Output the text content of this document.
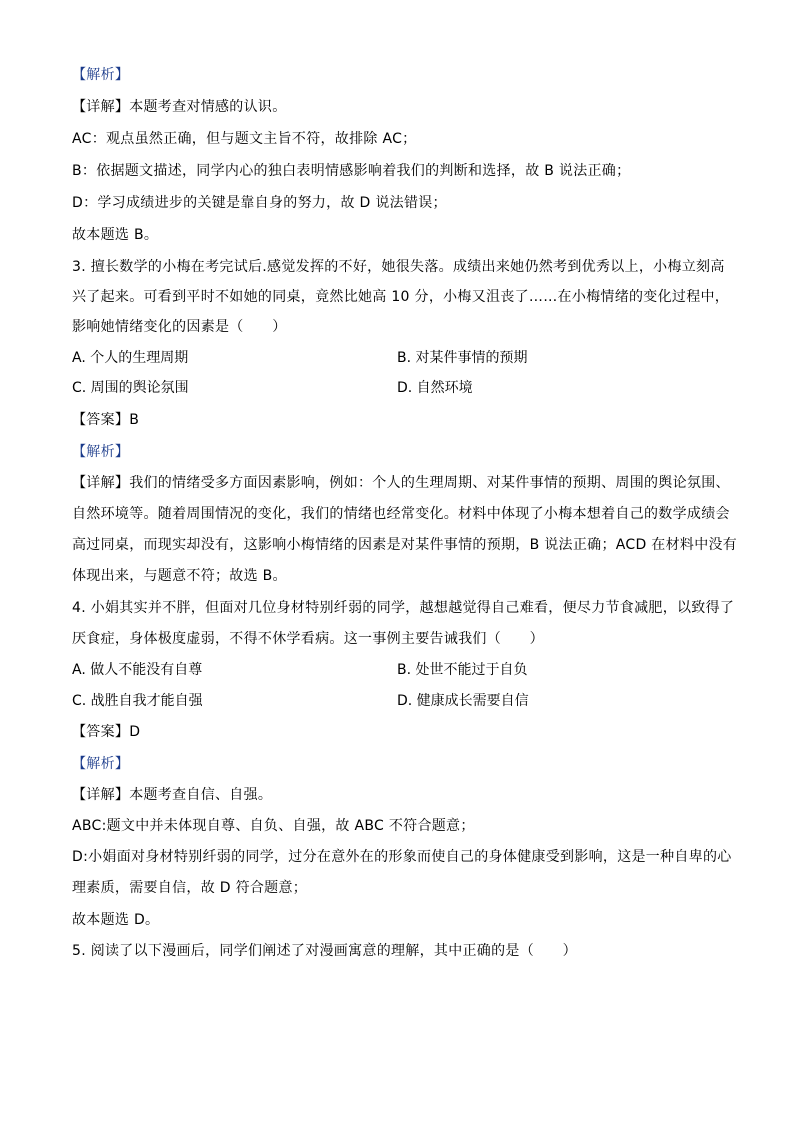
【解析】
【详解】本题考查对情感的认识。
AC：观点虽然正确，但与题文主旨不符，故排除 AC；
B：依据题文描述，同学内心的独白表明情感影响着我们的判断和选择，故 B 说法正确；
D：学习成绩进步的关键是靠自身的努力，故 D 说法错误；
故本题选 B。
3. 擅长数学的小梅在考完试后.感觉发挥的不好，她很失落。成绩出来她仍然考到优秀以上，小梅立刻高
兴了起来。可看到平时不如她的同桌，竟然比她高 10 分，小梅又沮丧了……在小梅情绪的变化过程中，
影响她情绪变化的因素是（　　）
A. 个人的生理周期	B. 对某件事情的预期
C. 周围的舆论氛围	D. 自然环境
【答案】B
【解析】
【详解】我们的情绪受多方面因素影响，例如：个人的生理周期、对某件事情的预期、周围的舆论氛围、
自然环境等。随着周围情况的变化，我们的情绪也经常变化。材料中体现了小梅本想着自己的数学成绩会
高过同桌，而现实却没有，这影响小梅情绪的因素是对某件事情的预期，B 说法正确；ACD 在材料中没有
体现出来，与题意不符；故选 B。
4. 小娟其实并不胖，但面对几位身材特别纤弱的同学，越想越觉得自己难看，便尽力节食减肥，以致得了
厌食症，身体极度虚弱，不得不休学看病。这一事例主要告诫我们（　　）
A. 做人不能没有自尊	B. 处世不能过于自负
C. 战胜自我才能自强	D. 健康成长需要自信
【答案】D
【解析】
【详解】本题考查自信、自强。
ABC:题文中并未体现自尊、自负、自强，故 ABC 不符合题意；
D:小娟面对身材特别纤弱的同学，过分在意外在的形象而使自己的身体健康受到影响，这是一种自卑的心
理素质，需要自信，故 D 符合题意；
故本题选 D。
5. 阅读了以下漫画后，同学们阐述了对漫画寓意的理解，其中正确的是（　　）
